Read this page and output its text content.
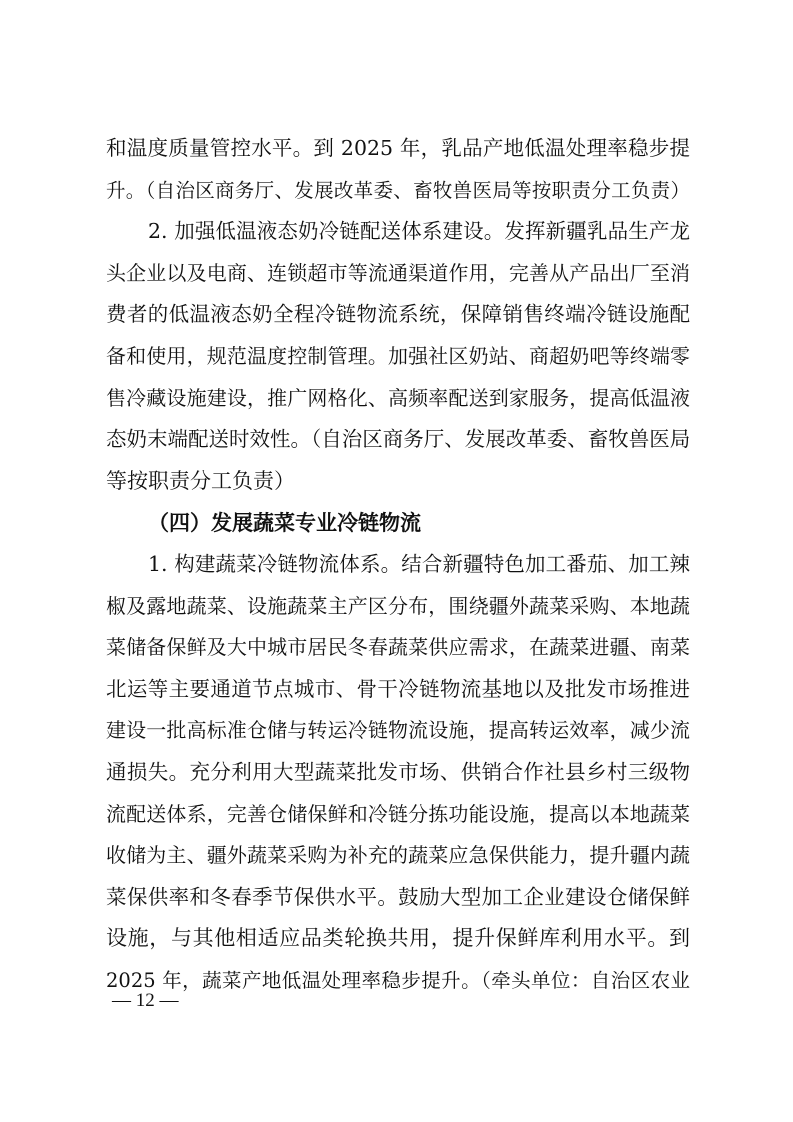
和温度质量管控水平。到 2025 年，乳品产地低温处理率稳步提
升。（自治区商务厅、发展改革委、畜牧兽医局等按职责分工负责）
2. 加强低温液态奶冷链配送体系建设。发挥新疆乳品生产龙
头企业以及电商、连锁超市等流通渠道作用，完善从产品出厂至消
费者的低温液态奶全程冷链物流系统，保障销售终端冷链设施配
备和使用，规范温度控制管理。加强社区奶站、商超奶吧等终端零
售冷藏设施建设，推广网格化、高频率配送到家服务，提高低温液
态奶末端配送时效性。（自治区商务厅、发展改革委、畜牧兽医局
等按职责分工负责）
（四）发展蔬菜专业冷链物流
1. 构建蔬菜冷链物流体系。结合新疆特色加工番茄、加工辣
椒及露地蔬菜、设施蔬菜主产区分布，围绕疆外蔬菜采购、本地蔬
菜储备保鲜及大中城市居民冬春蔬菜供应需求，在蔬菜进疆、南菜
北运等主要通道节点城市、骨干冷链物流基地以及批发市场推进
建设一批高标准仓储与转运冷链物流设施，提高转运效率，减少流
通损失。充分利用大型蔬菜批发市场、供销合作社县乡村三级物
流配送体系，完善仓储保鲜和冷链分拣功能设施，提高以本地蔬菜
收储为主、疆外蔬菜采购为补充的蔬菜应急保供能力，提升疆内蔬
菜保供率和冬春季节保供水平。鼓励大型加工企业建设仓储保鲜
设施，与其他相适应品类轮换共用，提升保鲜库利用水平。到
2025 年，蔬菜产地低温处理率稳步提升。（牵头单位：自治区农业
— 12 —
